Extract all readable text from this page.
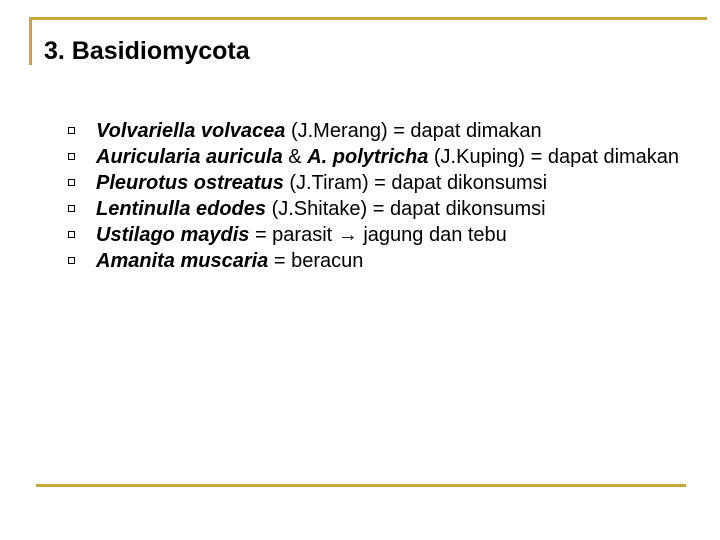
3. Basidiomycota
Volvariella volvacea (J.Merang) = dapat dimakan
Auricularia auricula & A. polytricha (J.Kuping) = dapat dimakan
Pleurotus ostreatus (J.Tiram) = dapat dikonsumsi
Lentinulla edodes (J.Shitake) = dapat dikonsumsi
Ustilago maydis = parasit → jagung dan tebu
Amanita muscaria = beracun
